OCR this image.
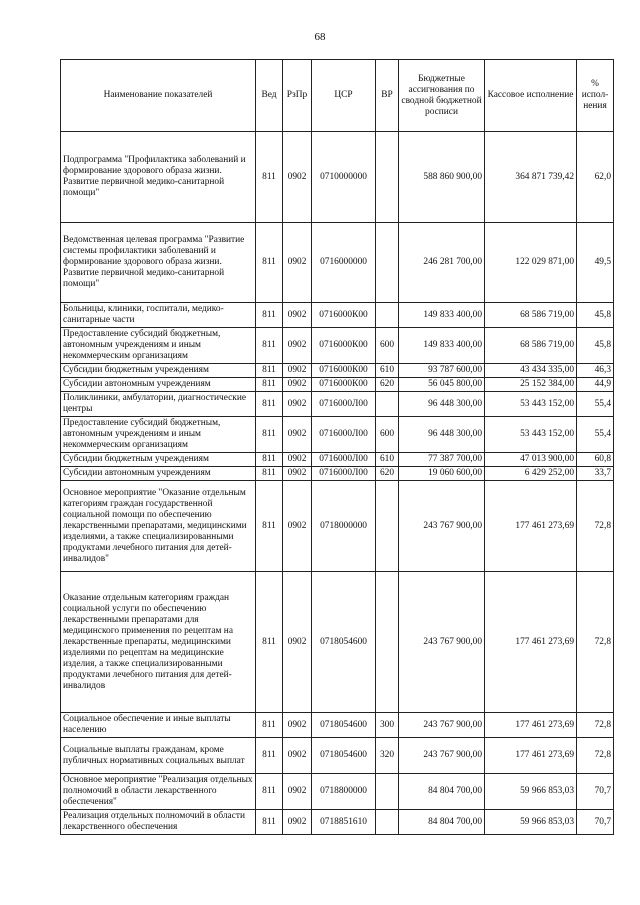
68
Наименование показателей	Вед	РзПр	ЦСР	ВР	Бюджетные ассигнования по сводной бюджетной росписи	Кассовое исполнение	% испол-нения
Подпрограмма "Профилактика заболеваний и формирование здорового образа жизни. Развитие первичной медико-санитарной помощи"	811	0902	0710000000		588 860 900,00	364 871 739,42	62,0
Ведомственная целевая программа "Развитие системы профилактики заболеваний и формирование здорового образа жизни. Развитие первичной медико-санитарной помощи"	811	0902	0716000000		246 281 700,00	122 029 871,00	49,5
Больницы, клиники, госпитали, медико-санитарные части	811	0902	0716000К00		149 833 400,00	68 586 719,00	45,8
Предоставление субсидий бюджетным, автономным учреждениям и иным некоммерческим организациям	811	0902	0716000К00	600	149 833 400,00	68 586 719,00	45,8
Субсидии бюджетным учреждениям	811	0902	0716000К00	610	93 787 600,00	43 434 335,00	46,3
Субсидии автономным учреждениям	811	0902	0716000К00	620	56 045 800,00	25 152 384,00	44,9
Поликлиники, амбулатории, диагностические центры	811	0902	0716000Л00		96 448 300,00	53 443 152,00	55,4
Предоставление субсидий бюджетным, автономным учреждениям и иным некоммерческим организациям	811	0902	0716000Л00	600	96 448 300,00	53 443 152,00	55,4
Субсидии бюджетным учреждениям	811	0902	0716000Л00	610	77 387 700,00	47 013 900,00	60,8
Субсидии автономным учреждениям	811	0902	0716000Л00	620	19 060 600,00	6 429 252,00	33,7
Основное мероприятие "Оказание отдельным категориям граждан государственной социальной помощи по обеспечению лекарственными препаратами, медицинскими изделиями, а также специализированными продуктами лечебного питания для детей-инвалидов"	811	0902	0718000000		243 767 900,00	177 461 273,69	72,8
Оказание отдельным категориям граждан социальной услуги по обеспечению лекарственными препаратами для медицинского применения по рецептам на лекарственные препараты, медицинскими изделиями по рецептам на медицинские изделия, а также специализированными продуктами лечебного питания для детей-инвалидов	811	0902	0718054600		243 767 900,00	177 461 273,69	72,8
Социальное обеспечение и иные выплаты населению	811	0902	0718054600	300	243 767 900,00	177 461 273,69	72,8
Социальные выплаты гражданам, кроме публичных нормативных социальных выплат	811	0902	0718054600	320	243 767 900,00	177 461 273,69	72,8
Основное мероприятие "Реализация отдельных полномочий в области лекарственного обеспечения"	811	0902	0718800000		84 804 700,00	59 966 853,03	70,7
Реализация отдельных полномочий в области лекарственного обеспечения	811	0902	0718851610		84 804 700,00	59 966 853,03	70,7
